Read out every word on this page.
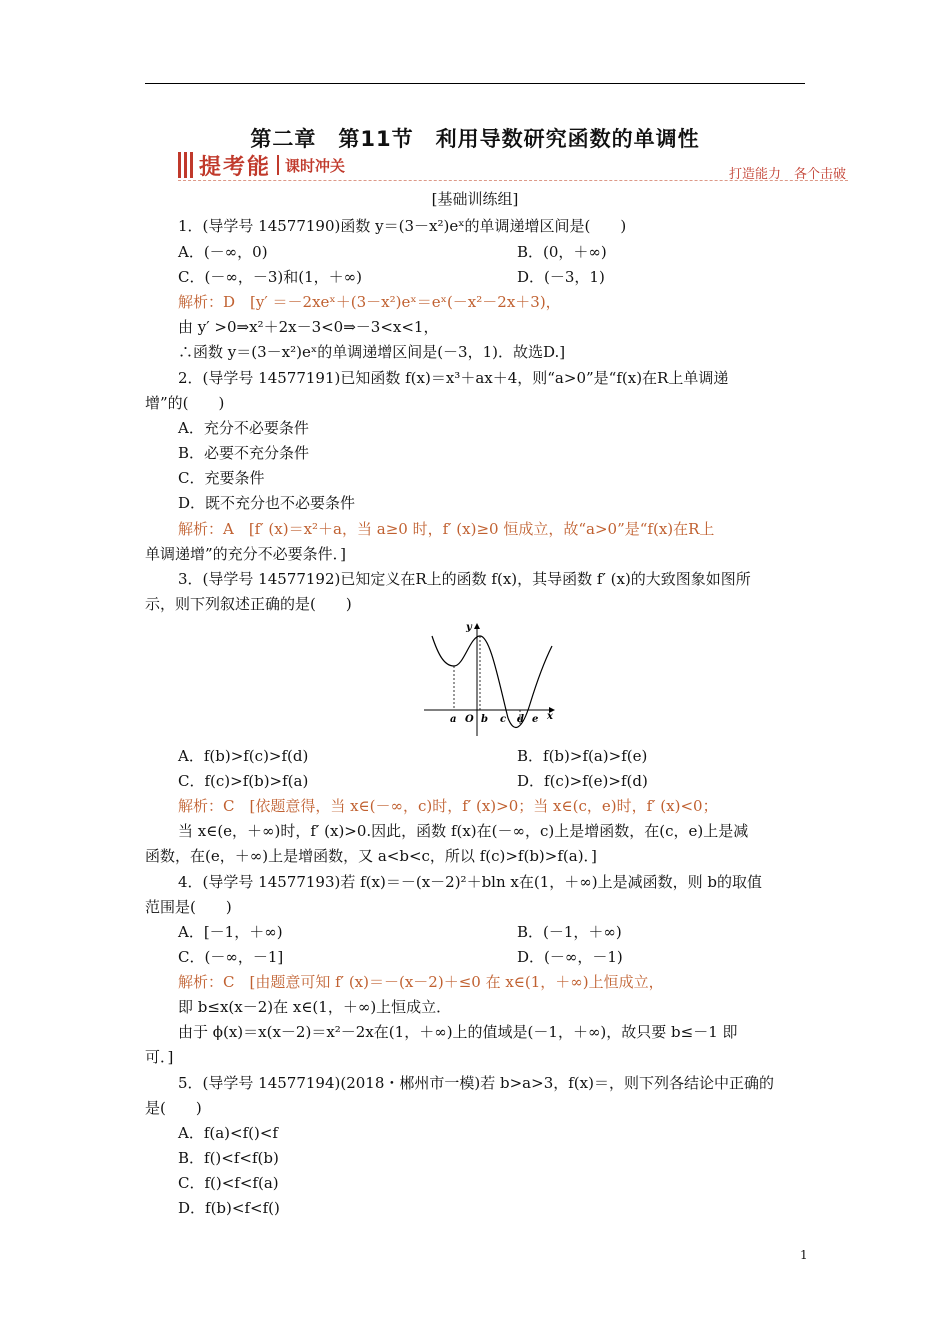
第二章　第11节　利用导数研究函数的单调性
提考能 课时冲关	打造能力　各个击破
[基础训练组]
1．(导学号 14577190)函数 y＝(3－x²)eˣ的单调递增区间是(　　)
A．(－∞，0)	B．(0，＋∞)
C．(－∞，－3)和(1，＋∞)	D．(－3，1)
解析：D　[y′ ＝－2xeˣ＋(3－x²)eˣ＝eˣ(－x²－2x＋3)，
由 y′ >0⇒x²＋2x－3<0⇒－3<x<1，
∴函数 y＝(3－x²)eˣ的单调递增区间是(－3，1)．故选D.]
2．(导学号 14577191)已知函数 f(x)＝x³＋ax＋4，则“a>0”是“f(x)在R上单调递
增”的(　　)
A．充分不必要条件
B．必要不充分条件
C．充要条件
D．既不充分也不必要条件
解析：A　[f′ (x)＝x²＋a，当 a≥0 时，f′ (x)≥0 恒成立，故“a>0”是“f(x)在R上
单调递增”的充分不必要条件．]
3．(导学号 14577192)已知定义在R上的函数 f(x)，其导函数 f′ (x)的大致图象如图所
示，则下列叙述正确的是(　　)
y
x
a O b c d e
A．f(b)>f(c)>f(d)	B．f(b)>f(a)>f(e)
C．f(c)>f(b)>f(a)	D．f(c)>f(e)>f(d)
解析：C　[依题意得，当 x∈(－∞，c)时，f′ (x)>0；当 x∈(c，e)时，f′ (x)<0；
当 x∈(e，＋∞)时，f′ (x)>0.因此，函数 f(x)在(－∞，c)上是增函数，在(c，e)上是减
函数，在(e，＋∞)上是增函数，又 a<b<c，所以 f(c)>f(b)>f(a)．]
4．(导学号 14577193)若 f(x)＝－(x－2)²＋bln x在(1，＋∞)上是减函数，则 b的取值
范围是(　　)
A．[－1，＋∞)	B．(－1，＋∞)
C．(－∞，－1]	D．(－∞，－1)
解析：C　[由题意可知 f′ (x)＝－(x－2)＋≤0 在 x∈(1，＋∞)上恒成立，
即 b≤x(x－2)在 x∈(1，＋∞)上恒成立．
由于 ϕ(x)＝x(x－2)＝x²－2x在(1，＋∞)上的值域是(－1，＋∞)，故只要 b≤－1 即
可．]
5．(导学号 14577194)(2018・郴州市一模)若 b>a>3，f(x)＝，则下列各结论中正确的
是(　　)
A．f(a)<f()<f
B．f()<f<f(b)
C．f()<f<f(a)
D．f(b)<f<f()
1
